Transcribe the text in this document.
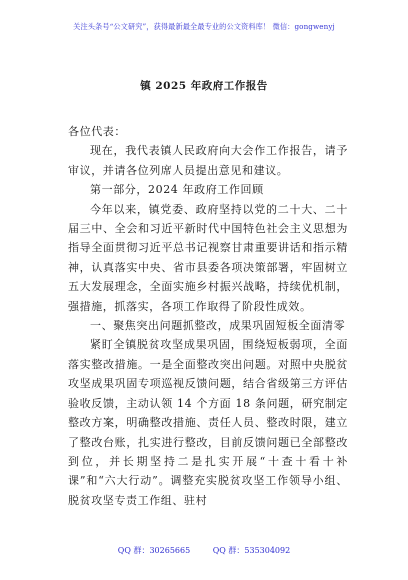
关注头条号“公文研究”，获得最新最全最专业的公文资料库！ 微信：gongwenyj
镇 2025 年政府工作报告

各位代表：

现在，我代表镇人民政府向大会作工作报告，请予审议，并请各位列席人员提出意见和建议。

第一部分，2024 年政府工作回顾

今年以来，镇党委、政府坚持以党的二十大、二十届三中、全会和习近平新时代中国特色社会主义思想为指导全面贯彻习近平总书记视察甘肃重要讲话和指示精神，认真落实中央、省市县委各项决策部署，牢固树立五大发展理念，全面实施乡村振兴战略，持续优机制，强措施，抓落实，各项工作取得了阶段性成效。

一、聚焦突出问题抓整改，成果巩固短板全面清零

紧盯全镇脱贫攻坚成果巩固，围绕短板弱项，全面落实整改措施。一是全面整改突出问题。对照中央脱贫攻坚成果巩固专项巡视反馈问题，结合省级第三方评估验收反馈，主动认领 14 个方面 18 条问题，研究制定整改方案，明确整改措施、责任人员、整改时限，建立了整改台账，扎实进行整改，目前反馈问题已全部整改到位，并长期坚持二是扎实开展“十查十看十补课”和“六大行动”。调整充实脱贫攻坚工作领导小组、脱贫攻坚专责工作组、驻村

QQ 群：30265665	QQ 群：535304092
